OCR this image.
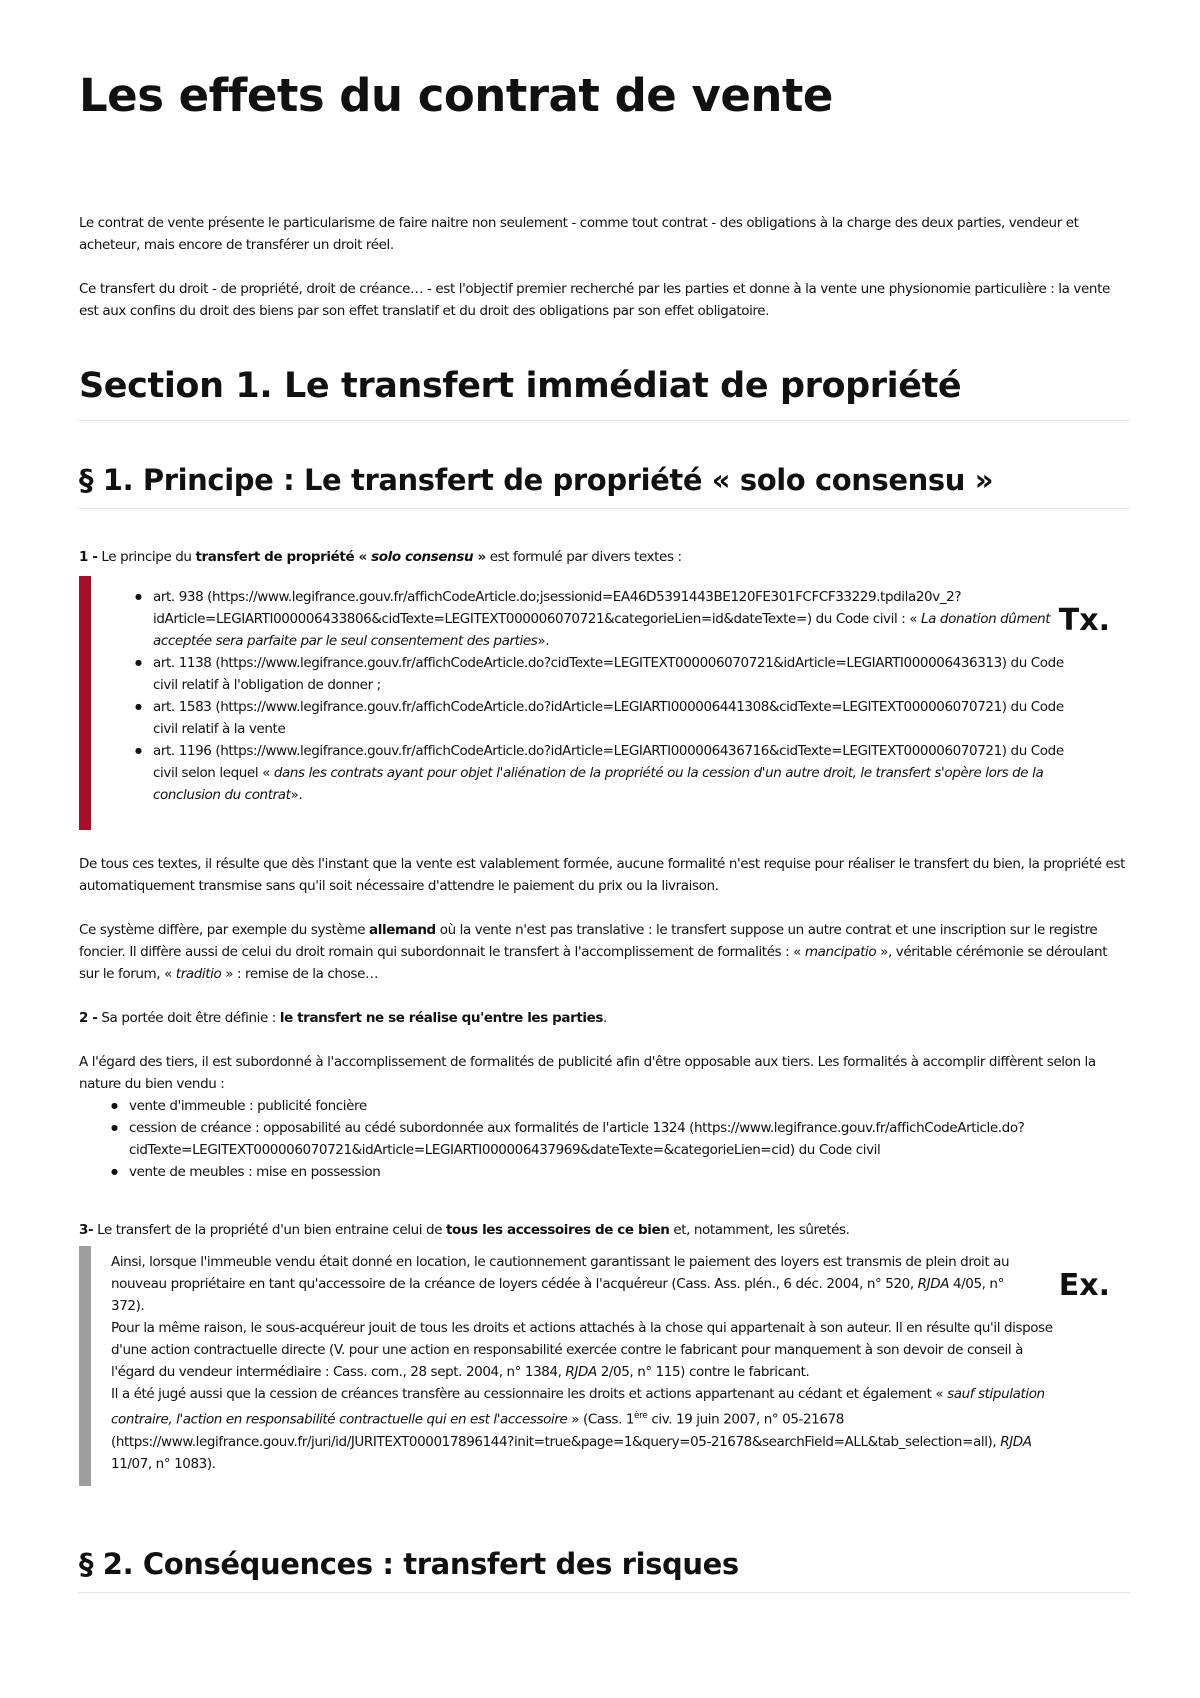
Les effets du contrat de vente

Le contrat de vente présente le particularisme de faire naitre non seulement - comme tout contrat - des obligations à la charge des deux parties, vendeur et acheteur, mais encore de transférer un droit réel.

Ce transfert du droit - de propriété, droit de créance… - est l'objectif premier recherché par les parties et donne à la vente une physionomie particulière : la vente est aux confins du droit des biens par son effet translatif et du droit des obligations par son effet obligatoire.

Section 1. Le transfert immédiat de propriété
§ 1. Principe : Le transfert de propriété « solo consensu »

1 - Le principe du transfert de propriété « solo consensu » est formulé par divers textes :

Tx.
● art. 938 (https://www.legifrance.gouv.fr/affichCodeArticle.do;jsessionid=EA46D5391443BE120FE301FCFCF33229.tpdila20v_2?idArticle=LEGIARTI000006433806&cidTexte=LEGITEXT000006070721&categorieLien=id&dateTexte=) du Code civil : « La donation dûment acceptée sera parfaite par le seul consentement des parties».
● art. 1138 (https://www.legifrance.gouv.fr/affichCodeArticle.do?cidTexte=LEGITEXT000006070721&idArticle=LEGIARTI000006436313) du Code civil relatif à l'obligation de donner ;
● art. 1583 (https://www.legifrance.gouv.fr/affichCodeArticle.do?idArticle=LEGIARTI000006441308&cidTexte=LEGITEXT000006070721) du Code civil relatif à la vente
● art. 1196 (https://www.legifrance.gouv.fr/affichCodeArticle.do?idArticle=LEGIARTI000006436716&cidTexte=LEGITEXT000006070721) du Code civil selon lequel « dans les contrats ayant pour objet l'aliénation de la propriété ou la cession d'un autre droit, le transfert s'opère lors de la conclusion du contrat».

De tous ces textes, il résulte que dès l'instant que la vente est valablement formée, aucune formalité n'est requise pour réaliser le transfert du bien, la propriété est automatiquement transmise sans qu'il soit nécessaire d'attendre le paiement du prix ou la livraison.

Ce système diffère, par exemple du système allemand où la vente n'est pas translative : le transfert suppose un autre contrat et une inscription sur le registre foncier. Il diffère aussi de celui du droit romain qui subordonnait le transfert à l'accomplissement de formalités : « mancipatio », véritable cérémonie se déroulant sur le forum, « traditio » : remise de la chose…

2 - Sa portée doit être définie : le transfert ne se réalise qu'entre les parties.

A l'égard des tiers, il est subordonné à l'accomplissement de formalités de publicité afin d'être opposable aux tiers. Les formalités à accomplir diffèrent selon la nature du bien vendu :

● vente d'immeuble : publicité foncière
● cession de créance : opposabilité au cédé subordonnée aux formalités de l'article 1324 (https://www.legifrance.gouv.fr/affichCodeArticle.do?cidTexte=LEGITEXT000006070721&idArticle=LEGIARTI000006437969&dateTexte=&categorieLien=cid) du Code civil
● vente de meubles : mise en possession

3- Le transfert de la propriété d'un bien entraine celui de tous les accessoires de ce bien et, notamment, les sûretés.

Ex.
Ainsi, lorsque l'immeuble vendu était donné en location, le cautionnement garantissant le paiement des loyers est transmis de plein droit au nouveau propriétaire en tant qu'accessoire de la créance de loyers cédée à l'acquéreur (Cass. Ass. plén., 6 déc. 2004, n° 520, RJDA 4/05, n° 372).
Pour la même raison, le sous-acquéreur jouit de tous les droits et actions attachés à la chose qui appartenait à son auteur. Il en résulte qu'il dispose d'une action contractuelle directe (V. pour une action en responsabilité exercée contre le fabricant pour manquement à son devoir de conseil à l'égard du vendeur intermédiaire : Cass. com., 28 sept. 2004, n° 1384, RJDA 2/05, n° 115) contre le fabricant.
Il a été jugé aussi que la cession de créances transfère au cessionnaire les droits et actions appartenant au cédant et également « sauf stipulation contraire, l'action en responsabilité contractuelle qui en est l'accessoire » (Cass. 1ère civ. 19 juin 2007, n° 05-21678 (https://www.legifrance.gouv.fr/juri/id/JURITEXT000017896144?init=true&page=1&query=05-21678&searchField=ALL&tab_selection=all), RJDA 11/07, n° 1083).
§ 2. Conséquences : transfert des risques
